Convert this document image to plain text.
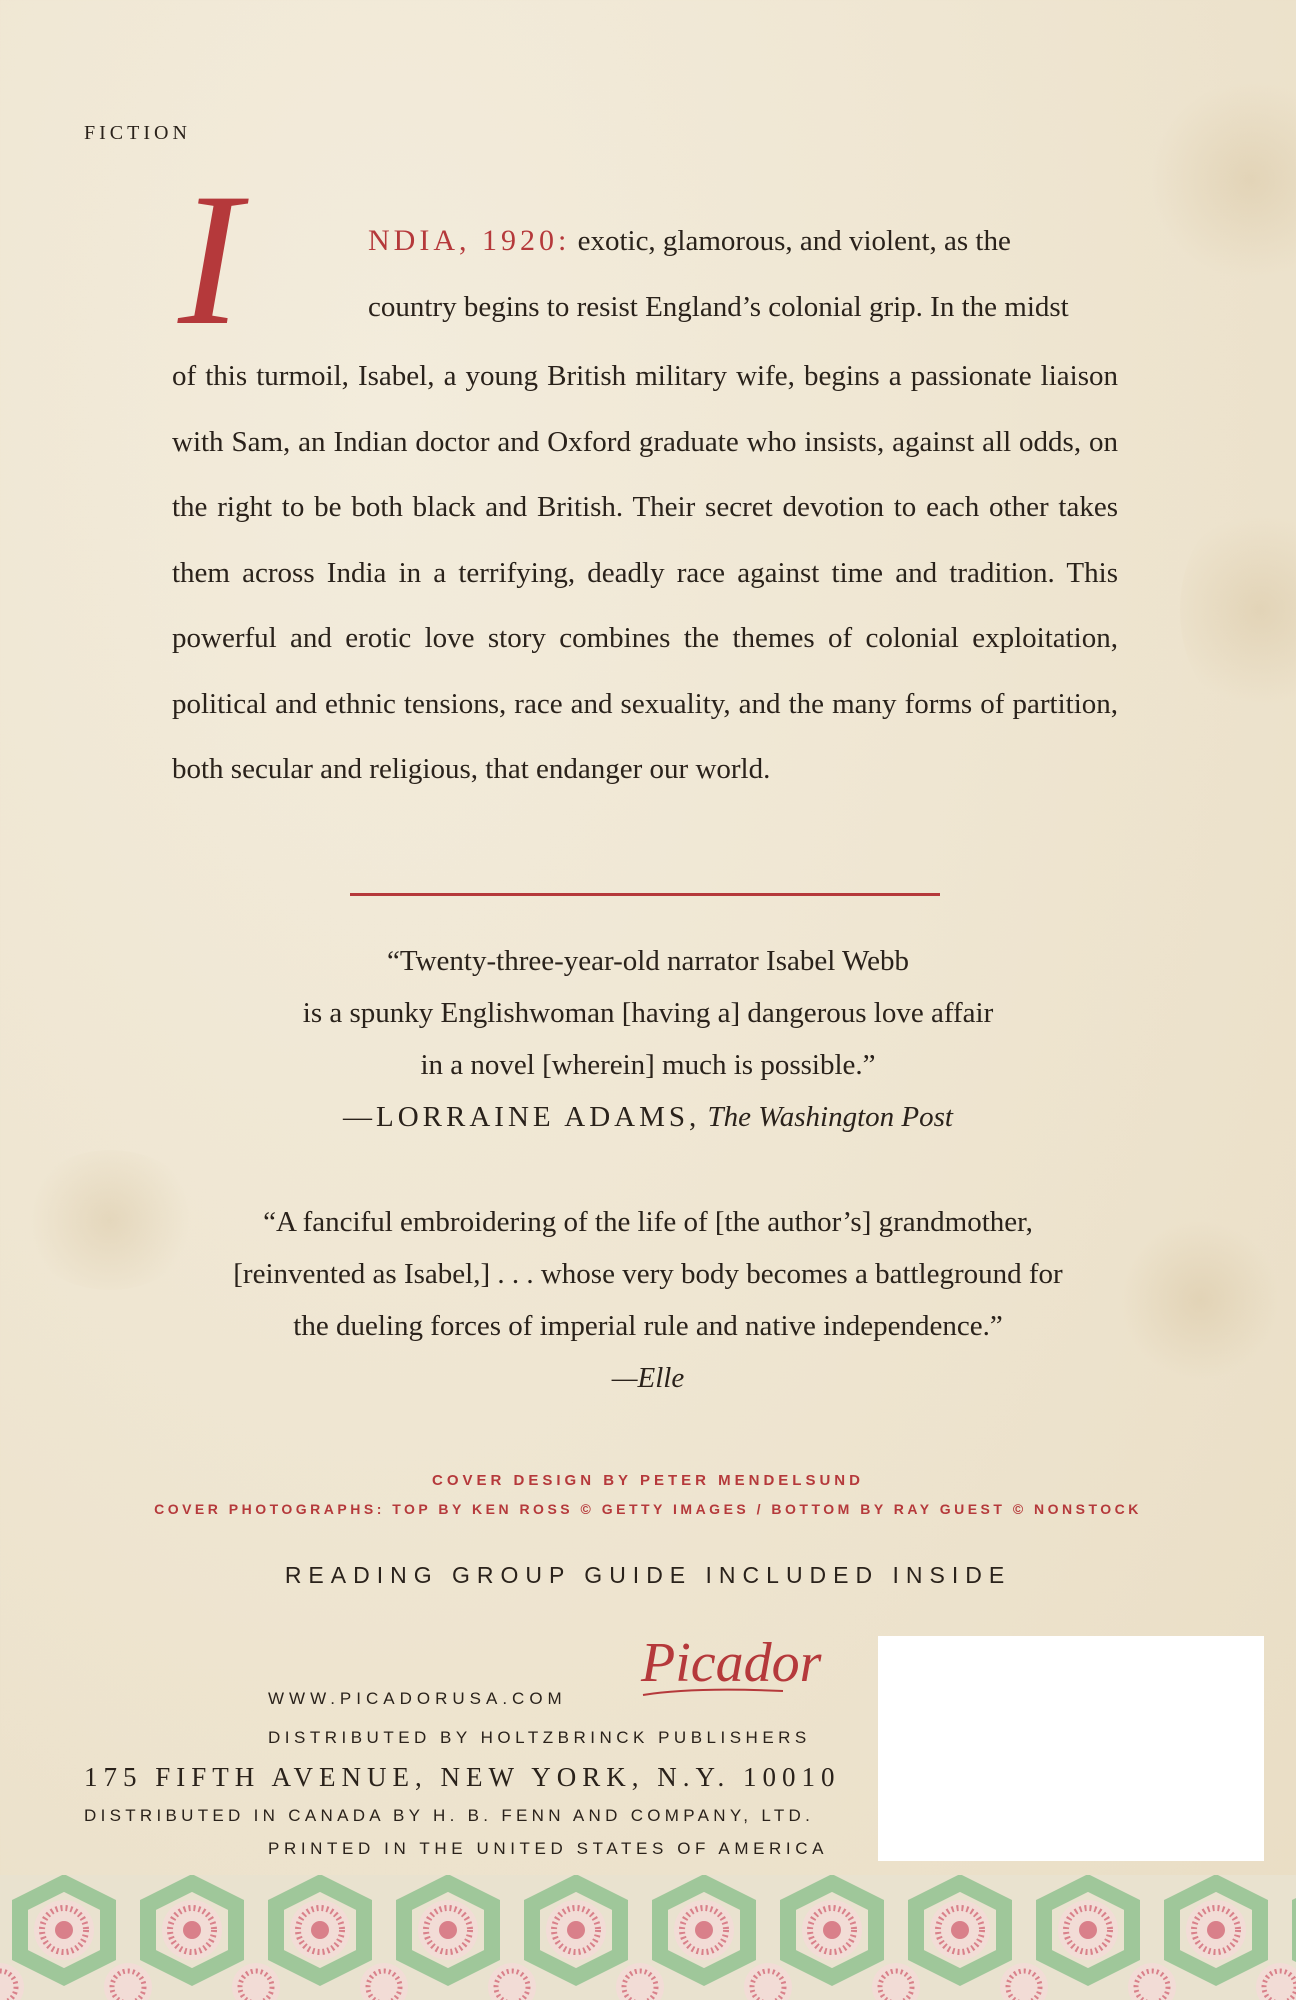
FICTION
I	NDIA, 1920: exotic, glamorous, and violent, as the
country begins to resist England’s colonial grip. In the midst
of this turmoil, Isabel, a young British military wife, begins a passionate liaison with Sam, an Indian doctor and Oxford graduate who insists, against all odds, on the right to be both black and British. Their secret devotion to each other takes them across India in a terrifying, deadly race against time and tradition. This powerful and erotic love story combines the themes of colonial exploitation, political and ethnic tensions, race and sexuality, and the many forms of partition, both secular and religious, that endanger our world.
“Twenty-three-year-old narrator Isabel Webb
is a spunky Englishwoman [having a] dangerous love affair
in a novel [wherein] much is possible.”
—LORRAINE ADAMS, The Washington Post
“A fanciful embroidering of the life of [the author’s] grandmother,
[reinvented as Isabel,] . . . whose very body becomes a battleground for
the dueling forces of imperial rule and native independence.”
—Elle
COVER DESIGN BY PETER MENDELSUND
COVER PHOTOGRAPHS: TOP BY KEN ROSS © GETTY IMAGES / BOTTOM BY RAY GUEST © NONSTOCK
READING GROUP GUIDE INCLUDED INSIDE
WWW.PICADORUSA.COM
Picador
DISTRIBUTED BY HOLTZBRINCK PUBLISHERS
175 FIFTH AVENUE, NEW YORK, N.Y. 10010
DISTRIBUTED IN CANADA BY H. B. FENN AND COMPANY, LTD.
PRINTED IN THE UNITED STATES OF AMERICA
